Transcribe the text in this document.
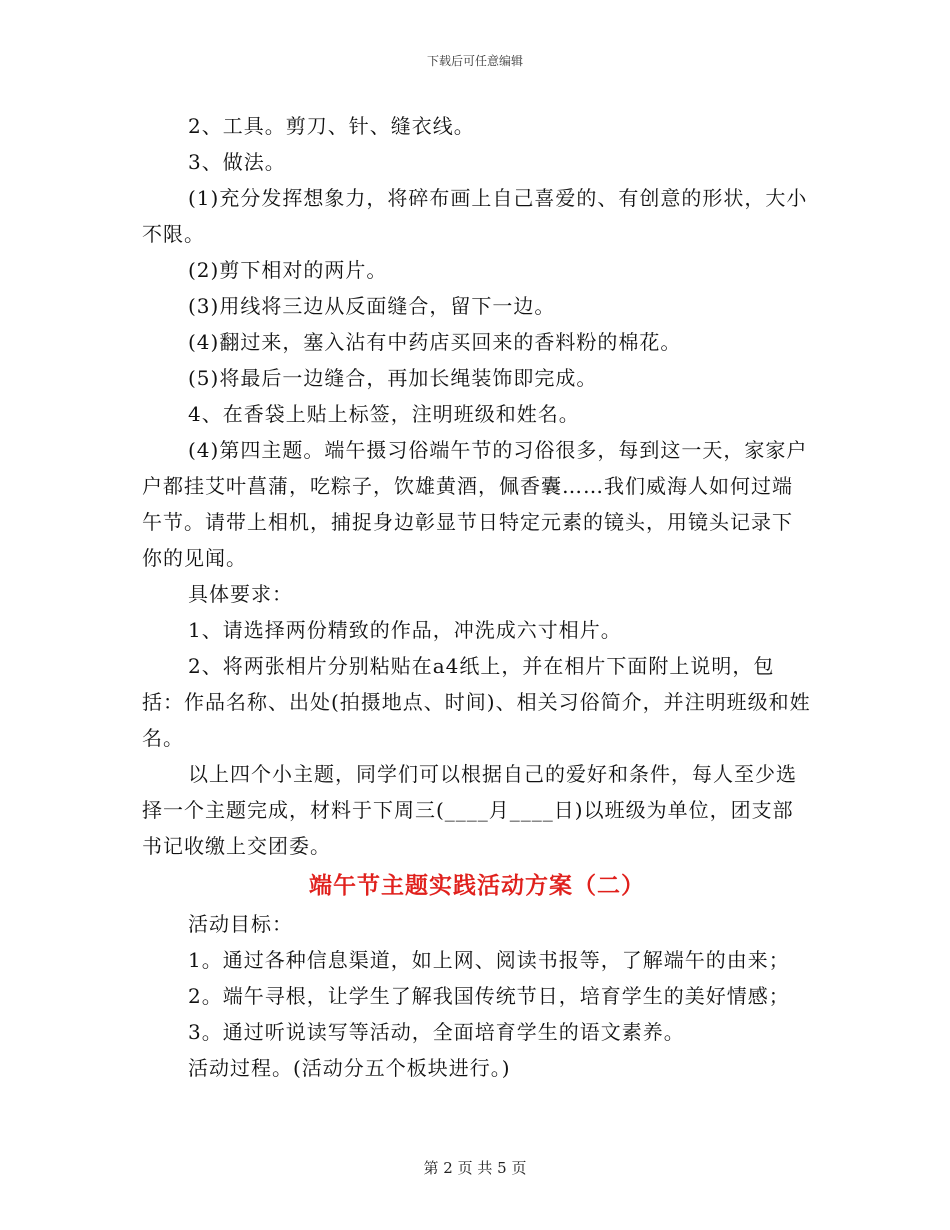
下载后可任意编辑

2、工具。剪刀、针、缝衣线。

3、做法。

(1)充分发挥想象力，将碎布画上自己喜爱的、有创意的形状，大小不限。

(2)剪下相对的两片。

(3)用线将三边从反面缝合，留下一边。

(4)翻过来，塞入沾有中药店买回来的香料粉的棉花。

(5)将最后一边缝合，再加长绳装饰即完成。

4、在香袋上贴上标签，注明班级和姓名。

(4)第四主题。端午摄习俗端午节的习俗很多，每到这一天，家家户户都挂艾叶菖蒲，吃粽子，饮雄黄酒，佩香囊……我们威海人如何过端午节。请带上相机，捕捉身边彰显节日特定元素的镜头，用镜头记录下你的见闻。

具体要求：

1、请选择两份精致的作品，冲洗成六寸相片。

2、将两张相片分别粘贴在a4纸上，并在相片下面附上说明，包括：作品名称、出处(拍摄地点、时间)、相关习俗简介，并注明班级和姓名。

以上四个小主题，同学们可以根据自己的爱好和条件，每人至少选择一个主题完成，材料于下周三(____月____日)以班级为单位，团支部书记收缴上交团委。

端午节主题实践活动方案（二）

活动目标：

1。通过各种信息渠道，如上网、阅读书报等，了解端午的由来；

2。端午寻根，让学生了解我国传统节日，培育学生的美好情感；

3。通过听说读写等活动，全面培育学生的语文素养。

活动过程。(活动分五个板块进行。)

第 2 页 共 5 页
